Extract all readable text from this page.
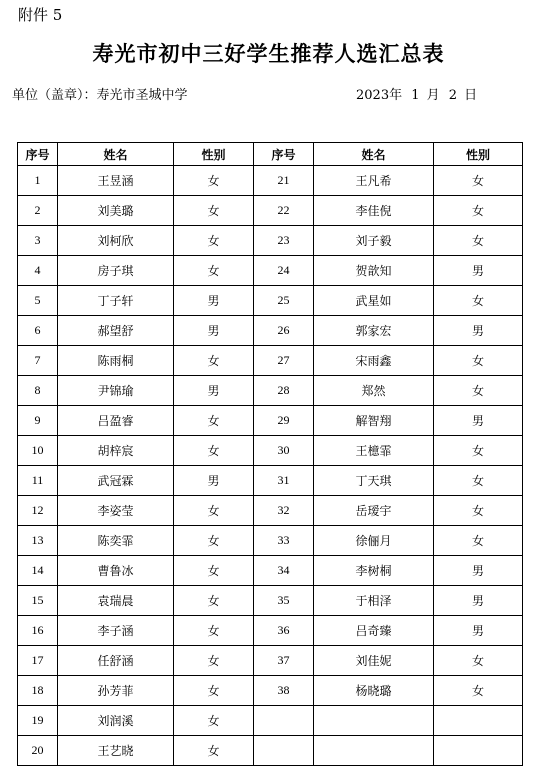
附件 5
寿光市初中三好学生推荐人选汇总表
单位（盖章）：寿光市圣城中学	2023年 1 月 2 日
序号	姓名	性别	序号	姓名	性别
1	王昱涵	女	21	王凡希	女
2	刘美璐	女	22	李佳倪	女
3	刘柯欣	女	23	刘子毅	女
4	房子琪	女	24	贺歆知	男
5	丁子轩	男	25	武星如	女
6	郝望舒	男	26	郭家宏	男
7	陈雨桐	女	27	宋雨鑫	女
8	尹锦瑜	男	28	郑然	女
9	吕盈睿	女	29	解智翔	男
10	胡梓宸	女	30	王檍霏	女
11	武冠霖	男	31	丁天琪	女
12	李姿莹	女	32	岳瑷宇	女
13	陈奕霏	女	33	徐俪月	女
14	曹鲁冰	女	34	李树桐	男
15	袁瑞晨	女	35	于相泽	男
16	李子涵	女	36	吕奇臻	男
17	任舒涵	女	37	刘佳妮	女
18	孙芳菲	女	38	杨晓璐	女
19	刘润溪	女			
20	王艺晓	女			
